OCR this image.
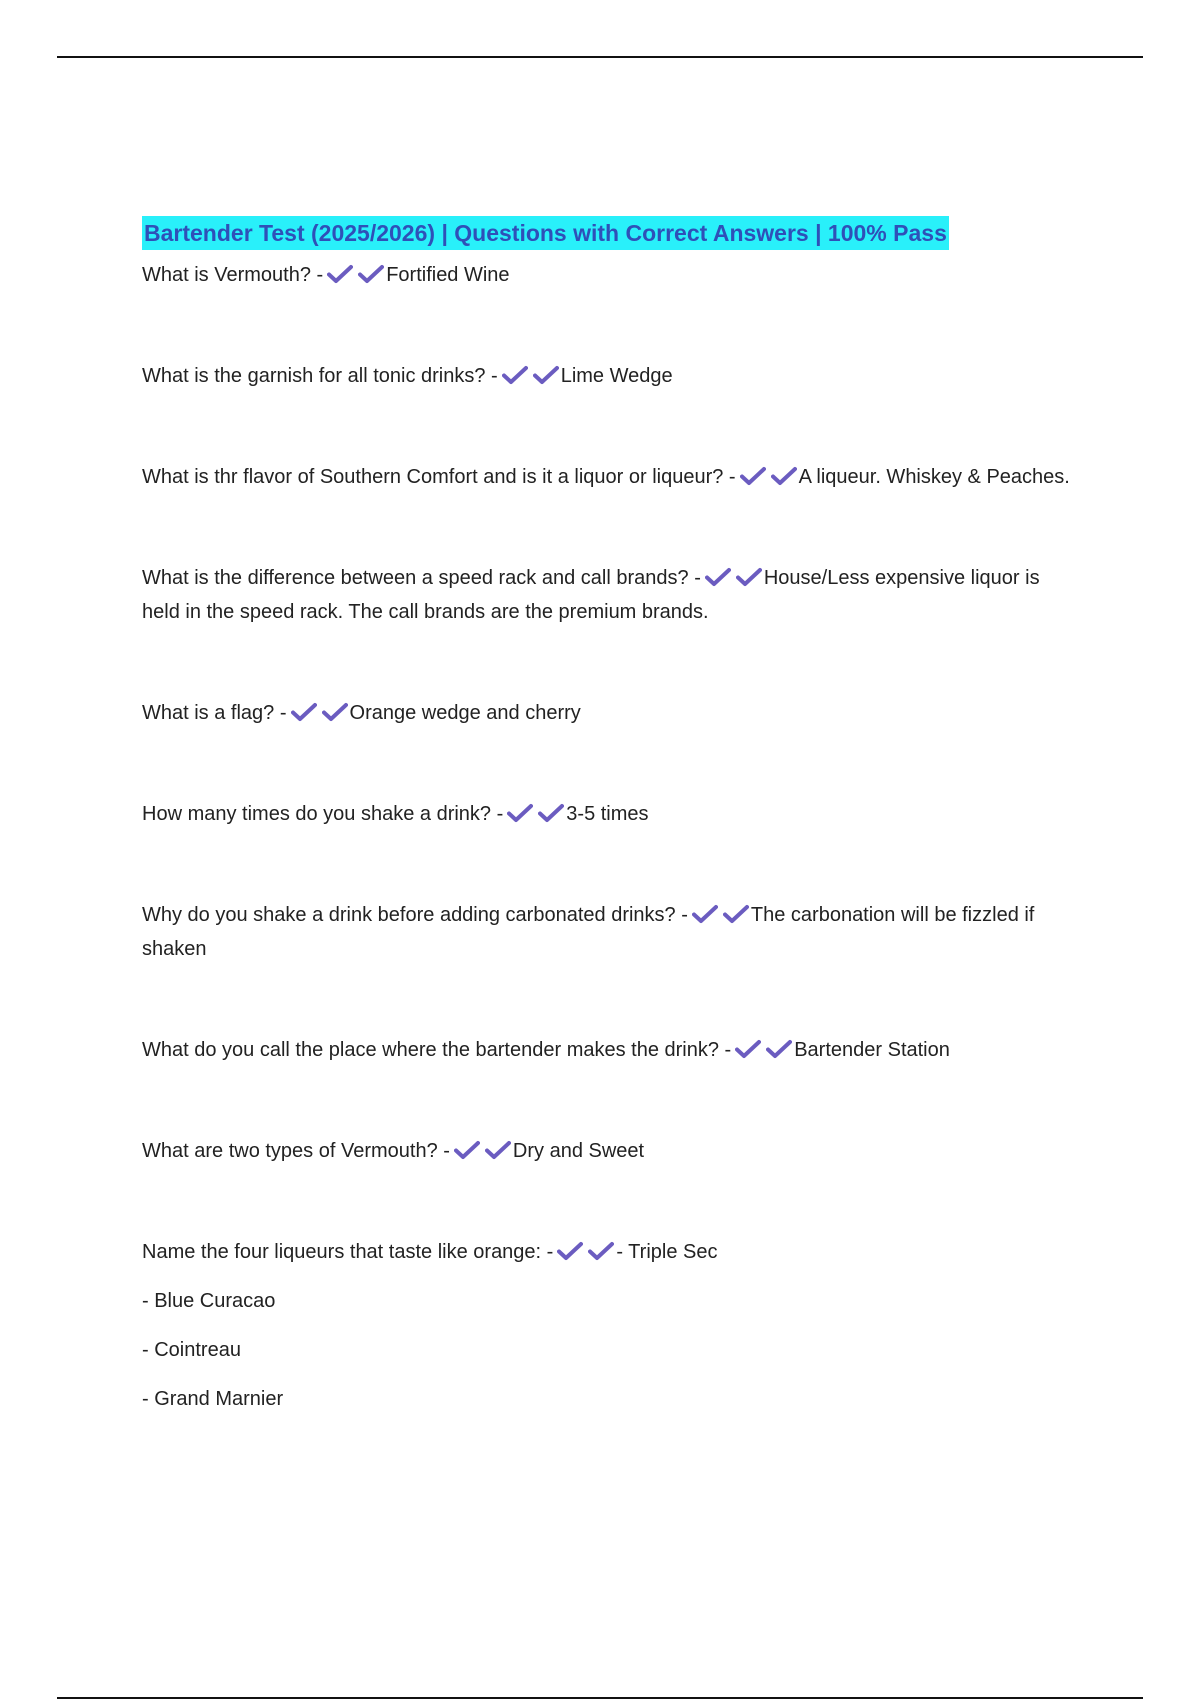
Bartender Test (2025/2026) | Questions with Correct Answers | 100% Pass
What is Vermouth? -	Fortified Wine
What is the garnish for all tonic drinks? -	Lime Wedge
What is thr flavor of Southern Comfort and is it a liquor or liqueur? -	A liqueur. Whiskey & Peaches.
What is the difference between a speed rack and call brands? -	House/Less expensive liquor is held in the speed rack. The call brands are the premium brands.
What is a flag? -	Orange wedge and cherry
How many times do you shake a drink? -	3-5 times
Why do you shake a drink before adding carbonated drinks? -	The carbonation will be fizzled if shaken
What do you call the place where the bartender makes the drink? -	Bartender Station
What are two types of Vermouth? -	Dry and Sweet
Name the four liqueurs that taste like orange: -	- Triple Sec
- Blue Curacao
- Cointreau
- Grand Marnier
